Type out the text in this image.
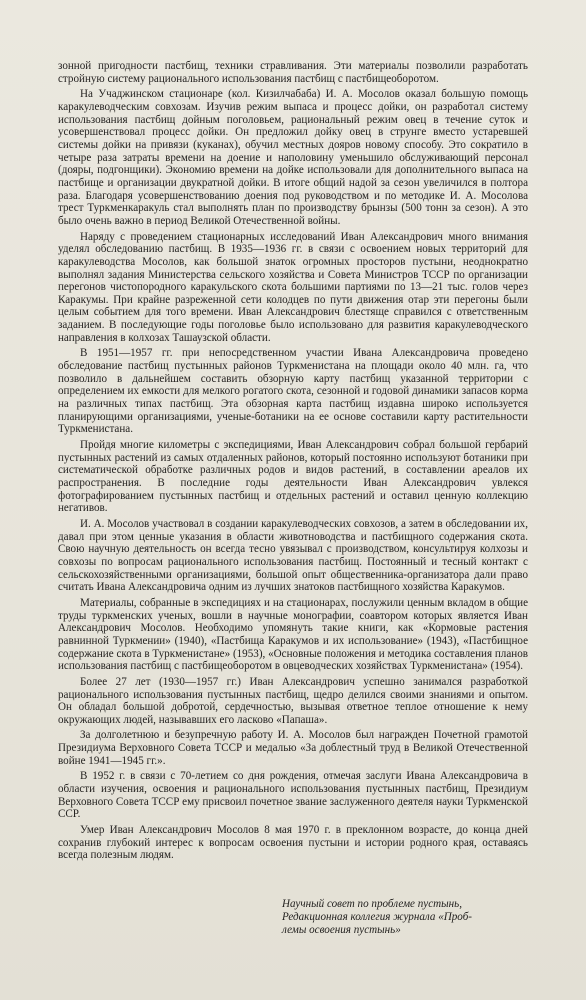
зонной пригодности пастбищ, техники стравливания. Эти материалы позволили разработать стройную систему рационального использования пастбищ с пастбищеоборотом.

На Учаджинском стационаре (кол. Кизилчабаба) И. А. Мосолов оказал большую помощь каракулеводческим совхозам. Изучив режим выпаса и процесс дойки, он разработал систему использования пастбищ дойным поголовьем, рациональный режим овец в течение суток и усовершенствовал процесс дойки. Он предложил дойку овец в струнге вместо устаревшей системы дойки на привязи (куканах), обучил местных дояров новому способу. Это сократило в четыре раза затраты времени на доение и наполовину уменьшило обслуживающий персонал (дояры, подгонщики). Экономию времени на дойке использовали для дополнительного выпаса на пастбище и организации двукратной дойки. В итоге общий надой за сезон увеличился в полтора раза. Благодаря усовершенствованию доения под руководством и по методике И. А. Мосолова трест Туркменкаракуль стал выполнять план по производству брынзы (500 тонн за сезон). А это было очень важно в период Великой Отечественной войны.

Наряду с проведением стационарных исследований Иван Александрович много внимания уделял обследованию пастбищ. В 1935—1936 гг. в связи с освоением новых территорий для каракулеводства Мосолов, как большой знаток огромных просторов пустыни, неоднократно выполнял задания Министерства сельского хозяйства и Совета Министров ТССР по организации перегонов чистопородного каракульского скота большими партиями по 13—21 тыс. голов через Каракумы. При крайне разреженной сети колодцев по пути движения отар эти перегоны были целым событием для того времени. Иван Александрович блестяще справился с ответственным заданием. В последующие годы поголовье было использовано для развития каракулеводческого направления в колхозах Ташаузской области.

В 1951—1957 гг. при непосредственном участии Ивана Александровича проведено обследование пастбищ пустынных районов Туркменистана на площади около 40 млн. га, что позволило в дальнейшем составить обзорную карту пастбищ указанной территории с определением их емкости для мелкого рогатого скота, сезонной и годовой динамики запасов корма на различных типах пастбищ. Эта обзорная карта пастбищ издавна широко используется планирующими организациями, ученые-ботаники на ее основе составили карту растительности Туркменистана.

Пройдя многие километры с экспедициями, Иван Александрович собрал большой гербарий пустынных растений из самых отдаленных районов, который постоянно используют ботаники при систематической обработке различных родов и видов растений, в составлении ареалов их распространения. В последние годы деятельности Иван Александрович увлекся фотографированием пустынных пастбищ и отдельных растений и оставил ценную коллекцию негативов.

И. А. Мосолов участвовал в создании каракулеводческих совхозов, а затем в обследовании их, давал при этом ценные указания в области животноводства и пастбищного содержания скота. Свою научную деятельность он всегда тесно увязывал с производством, консультируя колхозы и совхозы по вопросам рационального использования пастбищ. Постоянный и тесный контакт с сельскохозяйственными организациями, большой опыт общественника-организатора дали право считать Ивана Александровича одним из лучших знатоков пастбищного хозяйства Каракумов.

Материалы, собранные в экспедициях и на стационарах, послужили ценным вкладом в общие труды туркменских ученых, вошли в научные монографии, соавтором которых является Иван Александрович Мосолов. Необходимо упомянуть такие книги, как «Кормовые растения равнинной Туркмении» (1940), «Пастбища Каракумов и их использование» (1943), «Пастбищное содержание скота в Туркменистане» (1953), «Основные положения и методика составления планов использования пастбищ с пастбищеоборотом в овцеводческих хозяйствах Туркменистана» (1954).

Более 27 лет (1930—1957 гг.) Иван Александрович успешно занимался разработкой рационального использования пустынных пастбищ, щедро делился своими знаниями и опытом. Он обладал большой добротой, сердечностью, вызывая ответное теплое отношение к нему окружающих людей, называвших его ласково «Папаша».

За долголетнюю и безупречную работу И. А. Мосолов был награжден Почетной грамотой Президиума Верховного Совета ТССР и медалью «За доблестный труд в Великой Отечественной войне 1941—1945 гг.».

В 1952 г. в связи с 70-летием со дня рождения, отмечая заслуги Ивана Александровича в области изучения, освоения и рационального использования пустынных пастбищ, Президиум Верховного Совета ТССР ему присвоил почетное звание заслуженного деятеля науки Туркменской ССР.

Умер Иван Александрович Мосолов 8 мая 1970 г. в преклонном возрасте, до конца дней сохранив глубокий интерес к вопросам освоения пустыни и истории родного края, оставаясь всегда полезным людям.

Научный совет по проблеме пустынь,
Редакционная коллегия журнала «Проб-
лемы освоения пустынь»
